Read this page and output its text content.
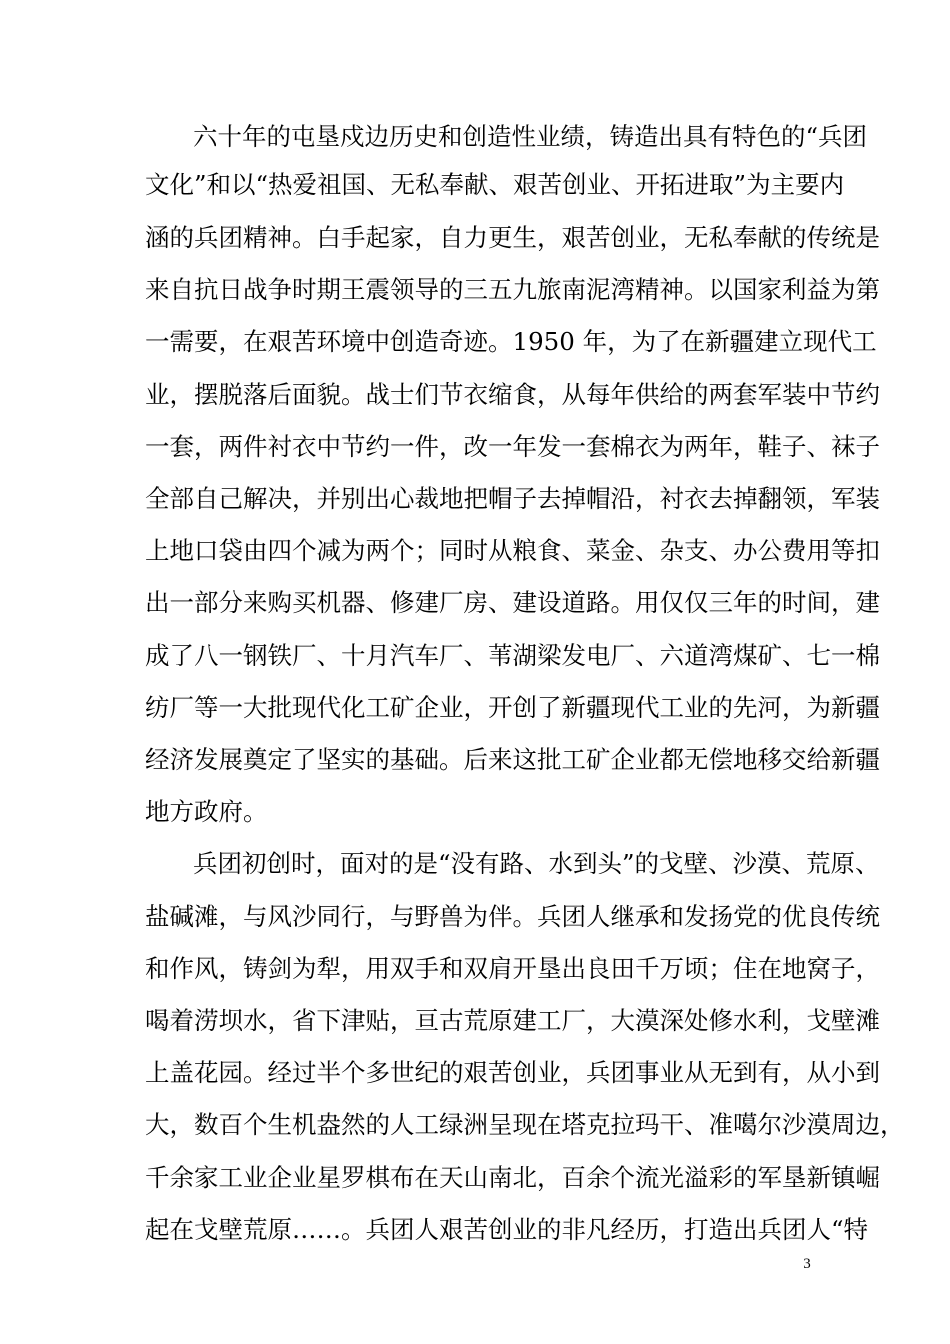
六十年的屯垦戍边历史和创造性业绩，铸造出具有特色的“兵团
文化”和以“热爱祖国、无私奉献、艰苦创业、开拓进取”为主要内
涵的兵团精神。白手起家，自力更生，艰苦创业，无私奉献的传统是
来自抗日战争时期王震领导的三五九旅南泥湾精神。以国家利益为第
一需要，在艰苦环境中创造奇迹。1950 年，为了在新疆建立现代工
业，摆脱落后面貌。战士们节衣缩食，从每年供给的两套军装中节约
一套，两件衬衣中节约一件，改一年发一套棉衣为两年，鞋子、袜子
全部自己解决，并别出心裁地把帽子去掉帽沿，衬衣去掉翻领，军装
上地口袋由四个减为两个；同时从粮食、菜金、杂支、办公费用等扣
出一部分来购买机器、修建厂房、建设道路。用仅仅三年的时间，建
成了八一钢铁厂、十月汽车厂、苇湖梁发电厂、六道湾煤矿、七一棉
纺厂等一大批现代化工矿企业，开创了新疆现代工业的先河，为新疆
经济发展奠定了坚实的基础。后来这批工矿企业都无偿地移交给新疆
地方政府。
兵团初创时，面对的是“没有路、水到头”的戈壁、沙漠、荒原、
盐碱滩，与风沙同行，与野兽为伴。兵团人继承和发扬党的优良传统
和作风，铸剑为犁，用双手和双肩开垦出良田千万顷；住在地窝子，
喝着涝坝水，省下津贴，亘古荒原建工厂，大漠深处修水利，戈壁滩
上盖花园。经过半个多世纪的艰苦创业，兵团事业从无到有，从小到
大，数百个生机盎然的人工绿洲呈现在塔克拉玛干、准噶尔沙漠周边，
千余家工业企业星罗棋布在天山南北，百余个流光溢彩的军垦新镇崛
起在戈壁荒原……。兵团人艰苦创业的非凡经历，打造出兵团人“特
3
